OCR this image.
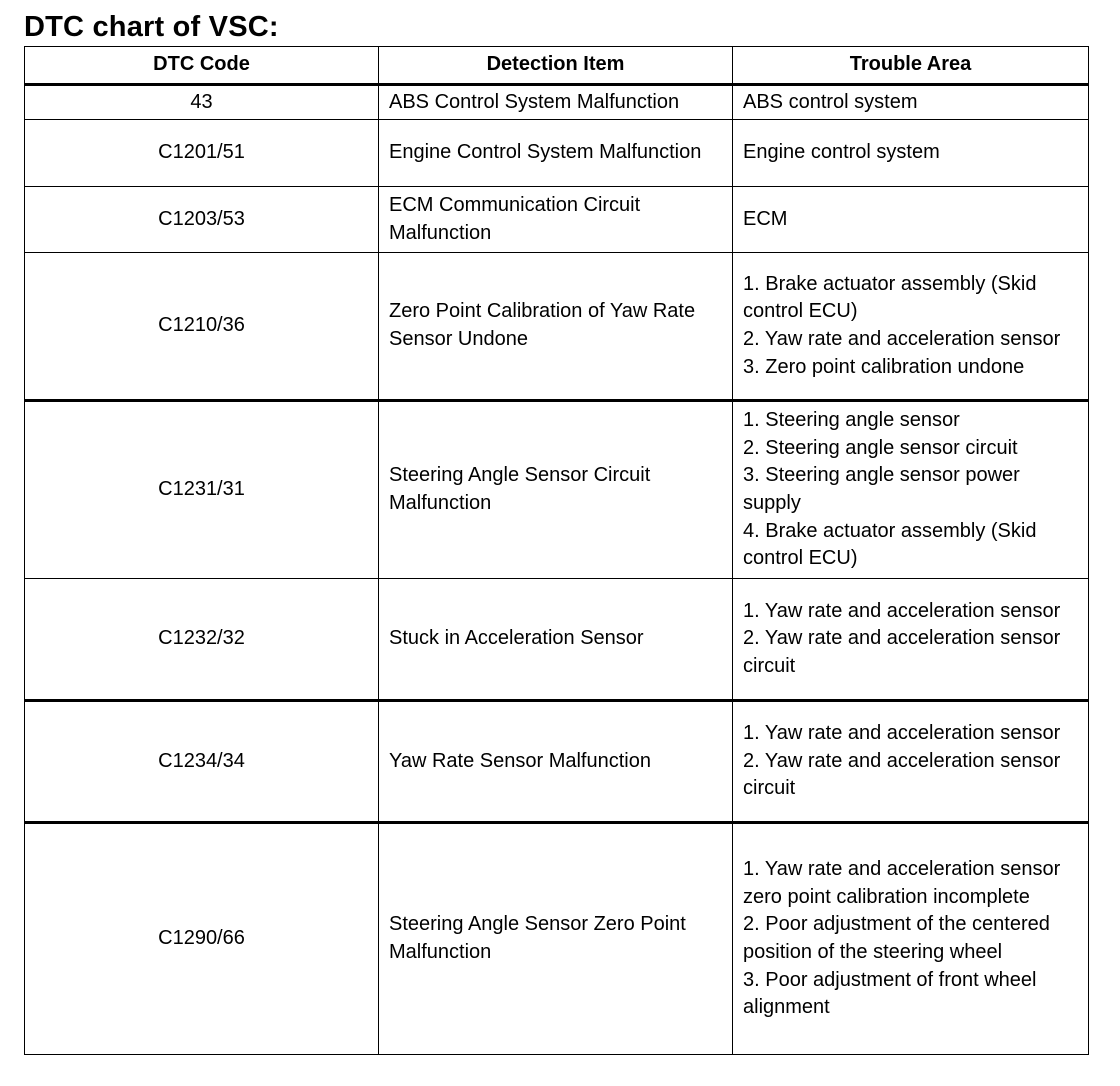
DTC chart of VSC:
DTC Code	Detection Item	Trouble Area
43	ABS Control System Malfunction	ABS control system

C1201/51	Engine Control System Malfunction	Engine control system

C1203/53	ECM Communication Circuit Malfunction	ECM

C1210/36	Zero Point Calibration of Yaw Rate Sensor Undone	1. Brake actuator assembly (Skid control ECU)
2. Yaw rate and acceleration sensor
3. Zero point calibration undone

C1231/31	Steering Angle Sensor Circuit Malfunction	1. Steering angle sensor
2. Steering angle sensor circuit
3. Steering angle sensor power supply
4. Brake actuator assembly (Skid control ECU)

C1232/32	Stuck in Acceleration Sensor	1. Yaw rate and acceleration sensor
2. Yaw rate and acceleration sensor circuit

C1234/34	Yaw Rate Sensor Malfunction	1. Yaw rate and acceleration sensor
2. Yaw rate and acceleration sensor circuit

C1290/66	Steering Angle Sensor Zero Point Malfunction	1. Yaw rate and acceleration sensor zero point calibration incomplete
2. Poor adjustment of the centered position of the steering wheel
3. Poor adjustment of front wheel alignment
